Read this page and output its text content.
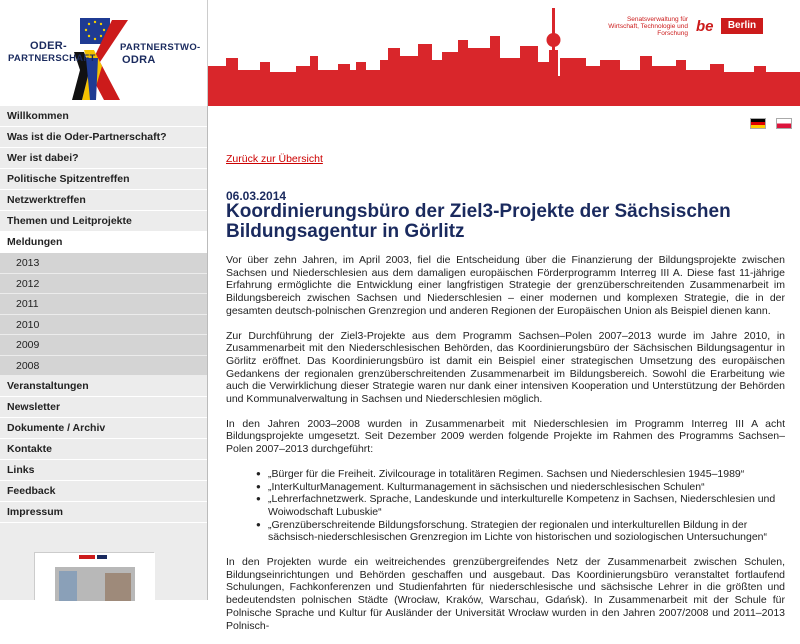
ODER-
PARTNERSCHAFT
PARTNERSTWO-
ODRA
Senatsverwaltung für Wirtschaft, Technologie und Forschung be	Berlin
Willkommen
Was ist die Oder-Partnerschaft?
Wer ist dabei?
Politische Spitzentreffen
Netzwerktreffen
Themen und Leitprojekte
Meldungen
2013
2012
2011
2010
2009
2008
Veranstaltungen
Newsletter
Dokumente / Archiv
Kontakte
Links
Feedback
Impressum

Zurück zur Übersicht
06.03.2014
Koordinierungsbüro der Ziel3-Projekte der Sächsischen Bildungsagentur in Görlitz

Vor über zehn Jahren, im April 2003, fiel die Entscheidung über die Finanzierung der Bildungsprojekte zwischen Sachsen und Niederschlesien aus dem damaligen europäischen Förderprogramm Interreg III A. Diese fast 11-jährige Erfahrung ermöglichte die Entwicklung einer langfristigen Strategie der grenzüberschreitenden Zusammenarbeit im Bildungsbereich zwischen Sachsen und Niederschlesien – einer modernen und komplexen Strategie, die in der gesamten deutsch-polnischen Grenzregion und anderen Regionen der Europäischen Union als Beispiel dienen kann.

Zur Durchführung der Ziel3-Projekte aus dem Programm Sachsen–Polen 2007–2013 wurde im Jahre 2010, in Zusammenarbeit mit den Niederschlesischen Behörden, das Koordinierungsbüro der Sächsischen Bildungsagentur in Görlitz eröffnet. Das Koordinierungsbüro ist damit ein Beispiel einer strategischen Umsetzung des europäischen Gedankens der regionalen grenzüberschreitenden Zusammenarbeit im Bildungsbereich. Sowohl die Erarbeitung wie auch die Verwirklichung dieser Strategie waren nur dank einer intensiven Kooperation und Unterstützung der Behörden und Kommunalverwaltung in Sachsen und Niederschlesien möglich.

In den Jahren 2003–2008 wurden in Zusammenarbeit mit Niederschlesien im Programm Interreg III A acht Bildungsprojekte umgesetzt. Seit Dezember 2009 werden folgende Projekte im Rahmen des Programms Sachsen–Polen 2007–2013 durchgeführt:

● „Bürger für die Freiheit. Zivilcourage in totalitären Regimen. Sachsen und Niederschlesien 1945–1989“
● „InterKulturManagement. Kulturmanagement in sächsischen und niederschlesischen Schulen“
● „Lehrerfachnetzwerk. Sprache, Landeskunde und interkulturelle Kompetenz in Sachsen, Niederschlesien und Woiwodschaft Lubuskie“
● „Grenzüberschreitende Bildungsforschung. Strategien der regionalen und interkulturellen Bildung in der sächsisch-niederschlesischen Grenzregion im Lichte von historischen und soziologischen Untersuchungen“

In den Projekten wurde ein weitreichendes grenzübergreifendes Netz der Zusammenarbeit zwischen Schulen, Bildungseinrichtungen und Behörden geschaffen und ausgebaut. Das Koordinierungsbüro veranstaltet fortlaufend Schulungen, Fachkonferenzen und Studienfahrten für niederschlesische und sächsische Lehrer in die größten und bedeutendsten polnischen Städte (Wrocław, Kraków, Warschau, Gdańsk). In Zusammenarbeit mit der Schule für Polnische Sprache und Kultur für Ausländer der Universität Wrocław wurden in den Jahren 2007/2008 und 2011–2013 Polnisch-
